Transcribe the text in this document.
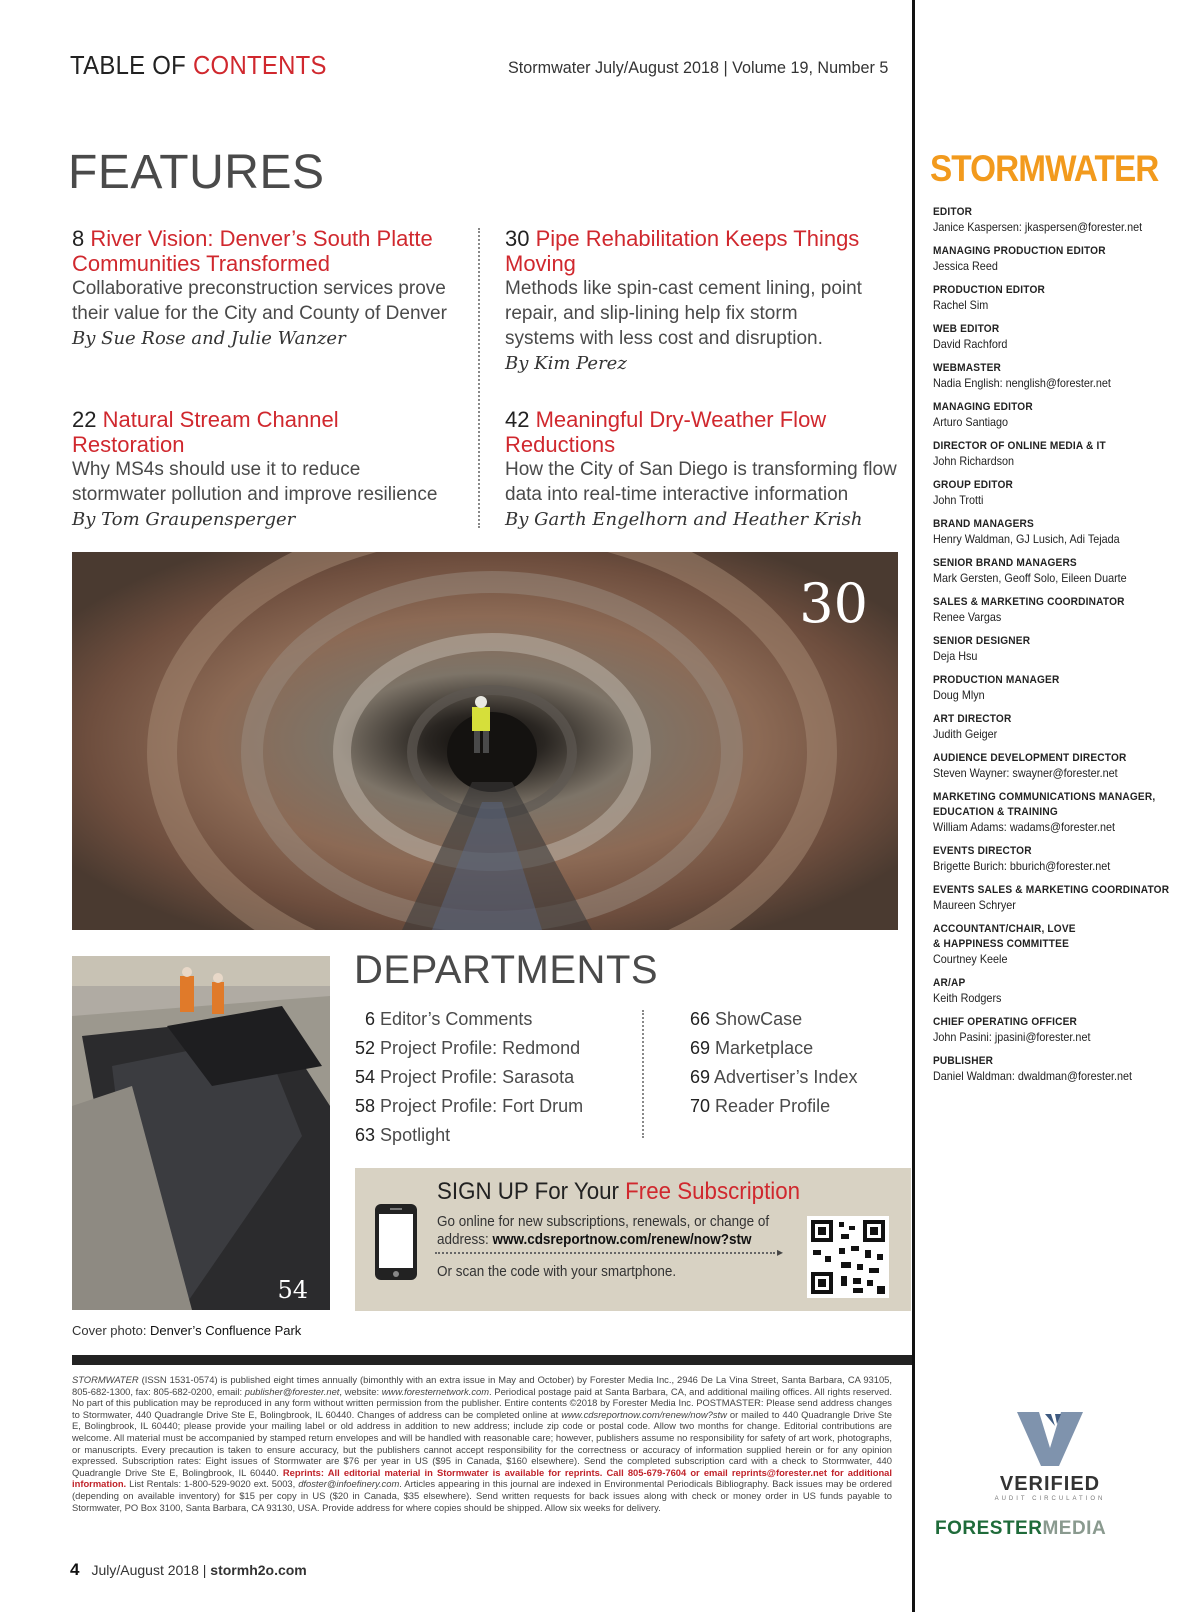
TABLE OF CONTENTS	Stormwater July/August 2018 | Volume 19, Number 5
FEATURES
8 River Vision: Denver’s South Platte Communities Transformed
Collaborative preconstruction services prove their value for the City and County of Denver
By Sue Rose and Julie Wanzer
22 Natural Stream Channel Restoration
Why MS4s should use it to reduce stormwater pollution and improve resilience
By Tom Graupensperger
30 Pipe Rehabilitation Keeps Things Moving
Methods like spin-cast cement lining, point repair, and slip-lining help fix storm systems with less cost and disruption.
By Kim Perez
42 Meaningful Dry-Weather Flow Reductions
How the City of San Diego is transforming flow data into real-time interactive information
By Garth Engelhorn and Heather Krish
30
54
Cover photo: Denver’s Confluence Park
DEPARTMENTS
6 Editor’s Comments
52 Project Profile: Redmond
54 Project Profile: Sarasota
58 Project Profile: Fort Drum
63 Spotlight
66 ShowCase
69 Marketplace
69 Advertiser’s Index
70 Reader Profile
SIGN UP For Your Free Subscription
Go online for new subscriptions, renewals, or change of
address: www.cdsreportnow.com/renew/now?stw
▸
Or scan the code with your smartphone.
STORMWATER (ISSN 1531-0574) is published eight times annually (bimonthly with an extra issue in May and October) by Forester Media Inc., 2946 De La Vina Street, Santa Barbara, CA 93105, 805-682-1300, fax: 805-682-0200, email: publisher@forester.net, website: www.foresternetwork.com. Periodical postage paid at Santa Barbara, CA, and additional mailing offices. All rights reserved. No part of this publication may be reproduced in any form without written permission from the publisher. Entire contents ©2018 by Forester Media Inc. POSTMASTER: Please send address changes to Stormwater, 440 Quadrangle Drive Ste E, Bolingbrook, IL 60440. Changes of address can be completed online at www.cdsreportnow.com/renew/now?stw or mailed to 440 Quadrangle Drive Ste E, Bolingbrook, IL 60440; please provide your mailing label or old address in addition to new address; include zip code or postal code. Allow two months for change. Editorial contributions are welcome. All material must be accompanied by stamped return envelopes and will be handled with reasonable care; however, publishers assume no responsibility for safety of art work, photographs, or manuscripts. Every precaution is taken to ensure accuracy, but the publishers cannot accept responsibility for the correctness or accuracy of information supplied herein or for any opinion expressed. Subscription rates: Eight issues of Stormwater are $76 per year in US ($95 in Canada, $160 elsewhere). Send the completed subscription card with a check to Stormwater, 440 Quadrangle Drive Ste E, Bolingbrook, IL 60440. Reprints: All editorial material in Stormwater is available for reprints. Call 805-679-7604 or email reprints@forester.net for additional information. List Rentals: 1-800-529-9020 ext. 5003, dfoster@infoefinery.com. Articles appearing in this journal are indexed in Environmental Periodicals Bibliography. Back issues may be ordered (depending on available inventory) for $15 per copy in US ($20 in Canada, $35 elsewhere). Send written requests for back issues along with check or money order in US funds payable to Stormwater, PO Box 3100, Santa Barbara, CA 93130, USA. Provide address for where copies should be shipped. Allow six weeks for delivery.
4 July/August 2018 | stormh2o.com
STORMWATER
EDITOR
Janice Kaspersen: jkaspersen@forester.net
MANAGING PRODUCTION EDITOR
Jessica Reed
PRODUCTION EDITOR
Rachel Sim
WEB EDITOR
David Rachford
WEBMASTER
Nadia English: nenglish@forester.net
MANAGING EDITOR
Arturo Santiago
DIRECTOR OF ONLINE MEDIA & IT
John Richardson
GROUP EDITOR
John Trotti
BRAND MANAGERS
Henry Waldman, GJ Lusich, Adi Tejada
SENIOR BRAND MANAGERS
Mark Gersten, Geoff Solo, Eileen Duarte
SALES & MARKETING COORDINATOR
Renee Vargas
SENIOR DESIGNER
Deja Hsu
PRODUCTION MANAGER
Doug Mlyn
ART DIRECTOR
Judith Geiger
AUDIENCE DEVELOPMENT DIRECTOR
Steven Wayner: swayner@forester.net
MARKETING COMMUNICATIONS MANAGER,
EDUCATION & TRAINING
William Adams: wadams@forester.net
EVENTS DIRECTOR
Brigette Burich: bburich@forester.net
EVENTS SALES & MARKETING COORDINATOR
Maureen Schryer
ACCOUNTANT/CHAIR, LOVE
& HAPPINESS COMMITTEE
Courtney Keele
AR/AP
Keith Rodgers
CHIEF OPERATING OFFICER
John Pasini: jpasini@forester.net
PUBLISHER
Daniel Waldman: dwaldman@forester.net
VERIFIED
AUDIT CIRCULATION
FORESTERMEDIA
